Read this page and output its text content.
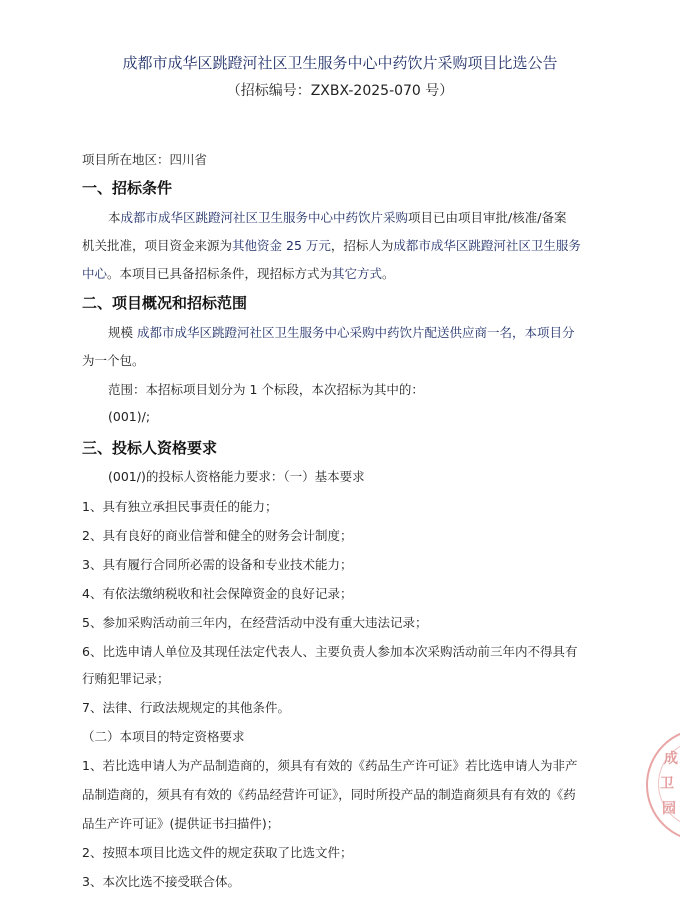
成都市成华区跳蹬河社区卫生服务中心中药饮片采购项目比选公告
（招标编号：ZXBX-2025-070 号）
项目所在地区：四川省
一、招标条件
本成都市成华区跳蹬河社区卫生服务中心中药饮片采购项目已由项目审批/核准/备案
机关批准，项目资金来源为其他资金 25 万元，招标人为成都市成华区跳蹬河社区卫生服务
中心。本项目已具备招标条件，现招标方式为其它方式。
二、项目概况和招标范围
规模 成都市成华区跳蹬河社区卫生服务中心采购中药饮片配送供应商一名，本项目分
为一个包。
范围：本招标项目划分为 1 个标段，本次招标为其中的：
(001)/;
三、投标人资格要求
(001/)的投标人资格能力要求：（一）基本要求
1、具有独立承担民事责任的能力；
2、具有良好的商业信誉和健全的财务会计制度；
3、具有履行合同所必需的设备和专业技术能力；
4、有依法缴纳税收和社会保障资金的良好记录；
5、参加采购活动前三年内，在经营活动中没有重大违法记录；
6、比选申请人单位及其现任法定代表人、主要负责人参加本次采购活动前三年内不得具有
行贿犯罪记录；
7、法律、行政法规规定的其他条件。
（二）本项目的特定资格要求
1、若比选申请人为产品制造商的，须具有有效的《药品生产许可证》若比选申请人为非产
品制造商的，须具有有效的《药品经营许可证》，同时所投产品的制造商须具有有效的《药
品生产许可证》(提供证书扫描件)；
2、按照本项目比选文件的规定获取了比选文件；
3、本次比选不接受联合体。
成
卫
园
